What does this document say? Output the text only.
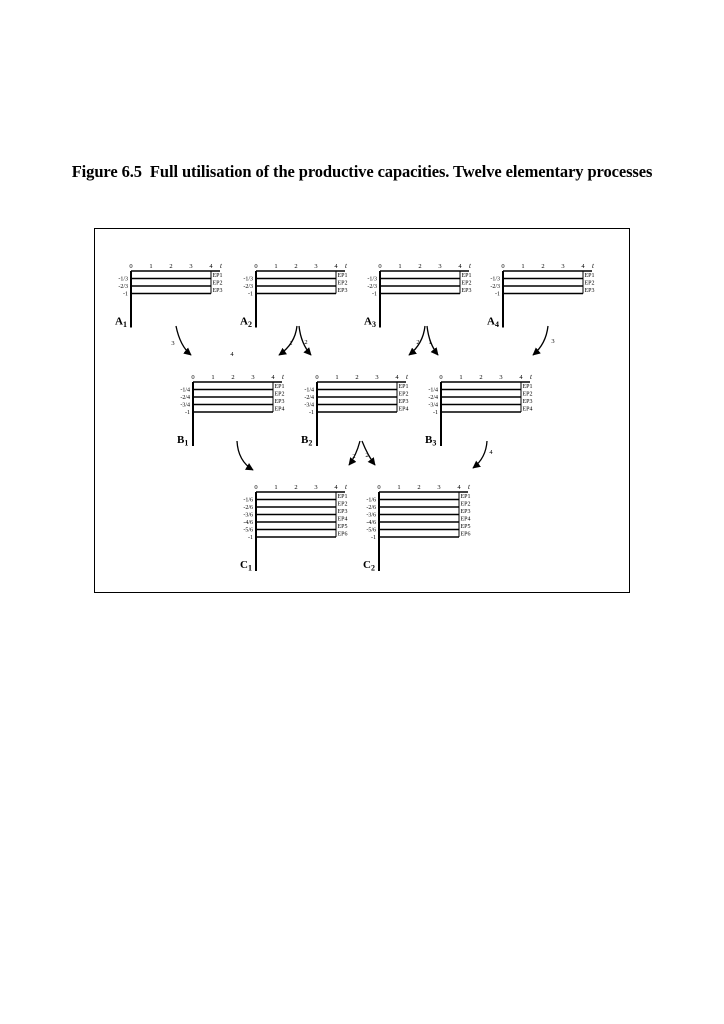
Figure 6.5 Full utilisation of the productive capacities. Twelve elementary processes
0	1	2	3	4 t
-1/3
EP1
-2/3
EP2
-1
EP3
$A_1$
0	1	2	3	4 t
-1/3
EP1
-2/3
EP2
-1
EP3
$A_2$
0	1	2	3	4 t
-1/3
EP1
-2/3
EP2
-1
EP3
$A_3$
0	1	2	3	4 t
-1/3
EP1
-2/3
EP2
-1
EP3
$A_4$
0	1	2	3	4 t
-1/4
EP1
-2/4
EP2
-3/4
EP3
-1
EP4
$B_1$
0	1	2	3	4 t
-1/4
EP1
-2/4
EP2
-3/4
EP3
-1
EP4
$B_2$
0	1	2	3	4 t
-1/4
EP1
-2/4
EP2
-3/4
EP3
-1
EP4
$B_3$
0	1	2	3	4 t
-1/6
EP1
-2/6
EP2
-3/6
EP3
-4/6
EP4
-5/6
EP5
-1
EP6
$C_1$
0	1	2	3	4 t
-1/6
EP1
-2/6
EP2
-3/6
EP3
-4/6
EP4
-5/6
EP5
-1
EP6
$C_2$
3	1 2	2 1	3
2 2	4
4
